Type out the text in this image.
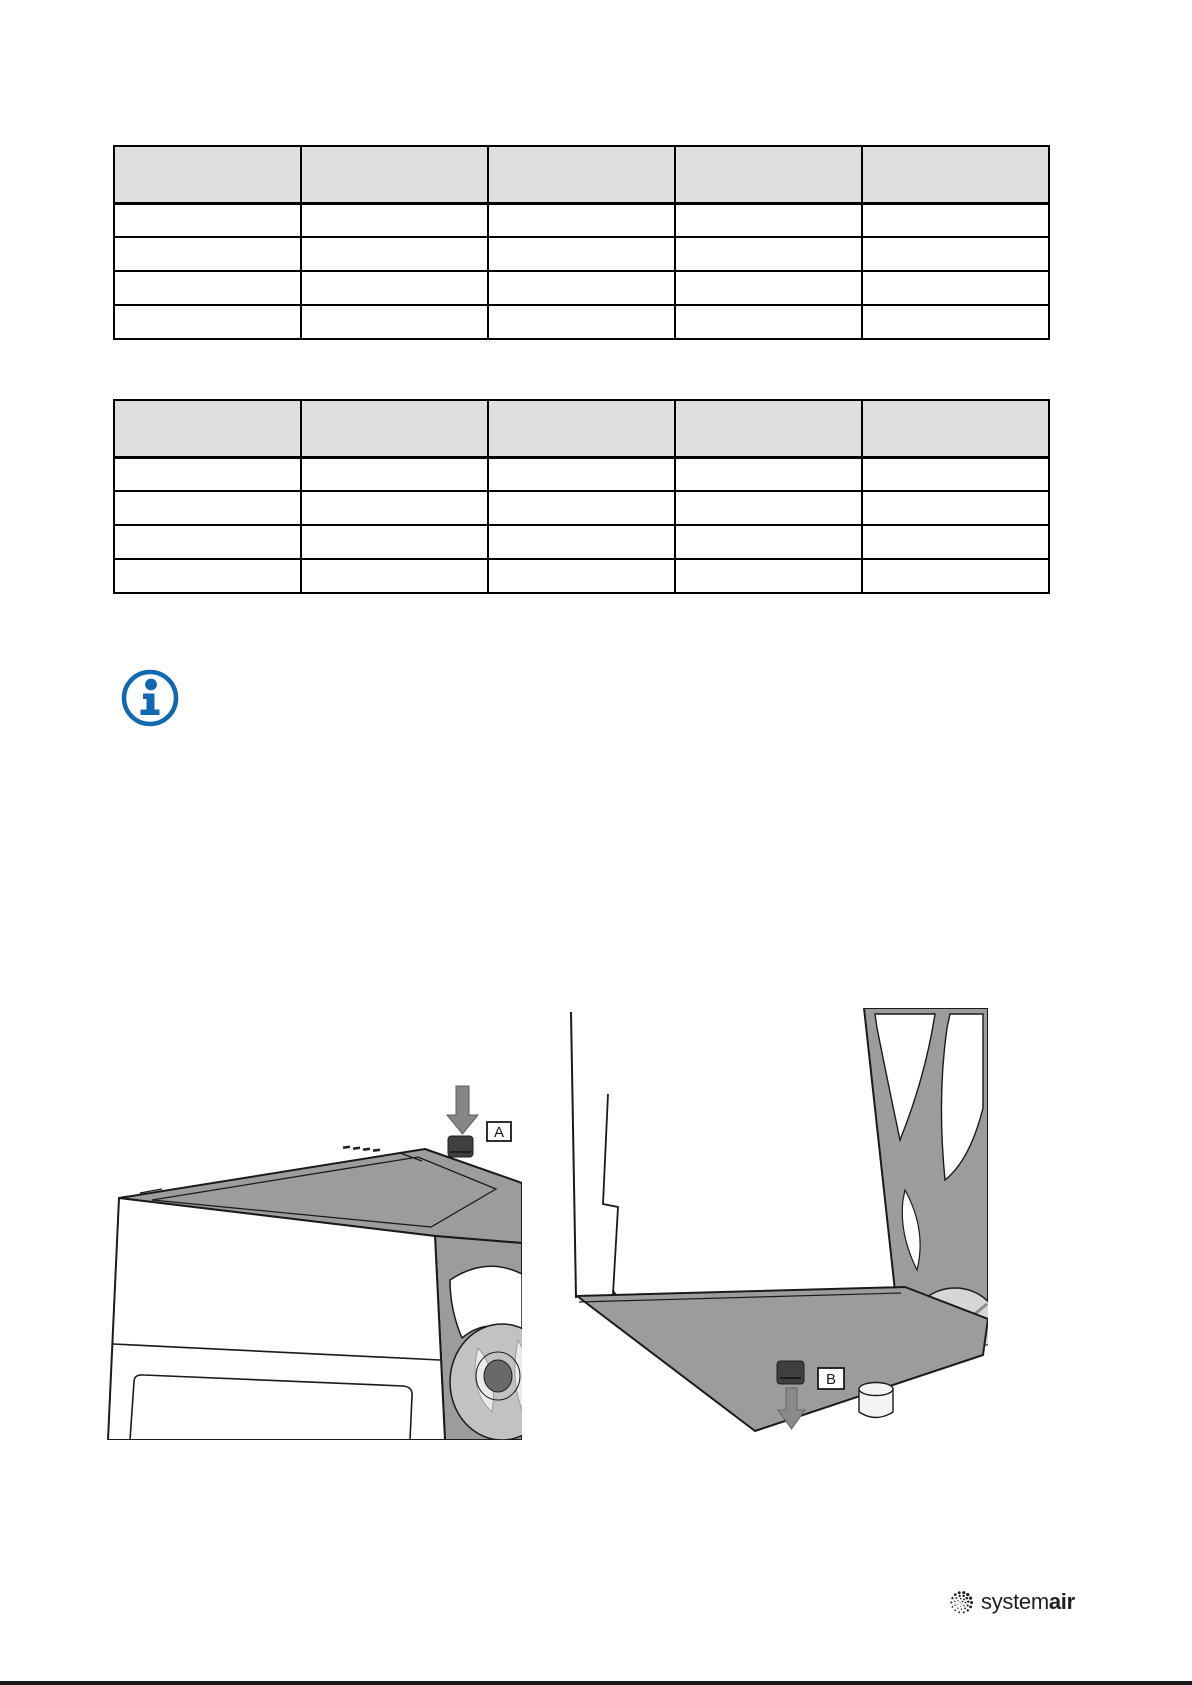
A
B
systemair
